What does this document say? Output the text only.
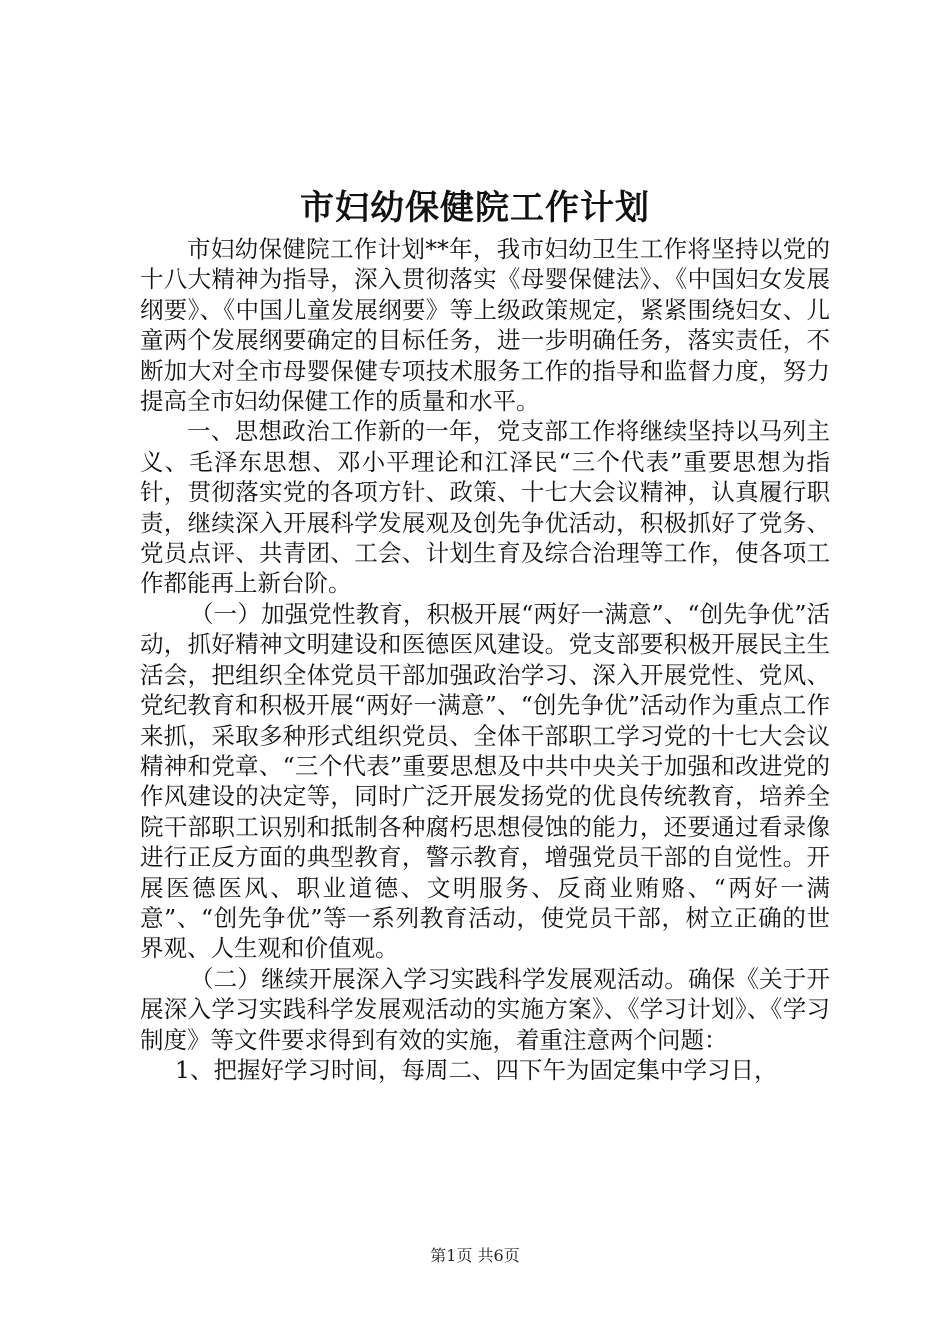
市妇幼保健院工作计划

市妇幼保健院工作计划**年，我市妇幼卫生工作将坚持以党的十八大精神为指导，深入贯彻落实《母婴保健法》、《中国妇女发展纲要》、《中国儿童发展纲要》等上级政策规定，紧紧围绕妇女、儿童两个发展纲要确定的目标任务，进一步明确任务，落实责任，不断加大对全市母婴保健专项技术服务工作的指导和监督力度，努力提高全市妇幼保健工作的质量和水平。

一、思想政治工作新的一年，党支部工作将继续坚持以马列主义、毛泽东思想、邓小平理论和江泽民“三个代表”重要思想为指针，贯彻落实党的各项方针、政策、十七大会议精神，认真履行职责，继续深入开展科学发展观及创先争优活动，积极抓好了党务、党员点评、共青团、工会、计划生育及综合治理等工作，使各项工作都能再上新台阶。

（一）加强党性教育，积极开展“两好一满意”、“创先争优”活动，抓好精神文明建设和医德医风建设。党支部要积极开展民主生活会，把组织全体党员干部加强政治学习、深入开展党性、党风、党纪教育和积极开展“两好一满意”、“创先争优”活动作为重点工作来抓，采取多种形式组织党员、全体干部职工学习党的十七大会议精神和党章、“三个代表”重要思想及中共中央关于加强和改进党的作风建设的决定等，同时广泛开展发扬党的优良传统教育，培养全院干部职工识别和抵制各种腐朽思想侵蚀的能力，还要通过看录像进行正反方面的典型教育，警示教育，增强党员干部的自觉性。开展医德医风、职业道德、文明服务、反商业贿赂、“两好一满意”、“创先争优”等一系列教育活动，使党员干部，树立正确的世界观、人生观和价值观。

（二）继续开展深入学习实践科学发展观活动。确保《关于开展深入学习实践科学发展观活动的实施方案》、《学习计划》、《学习制度》等文件要求得到有效的实施，着重注意两个问题：

1、把握好学习时间，每周二、四下午为固定集中学习日，

第1页 共6页
